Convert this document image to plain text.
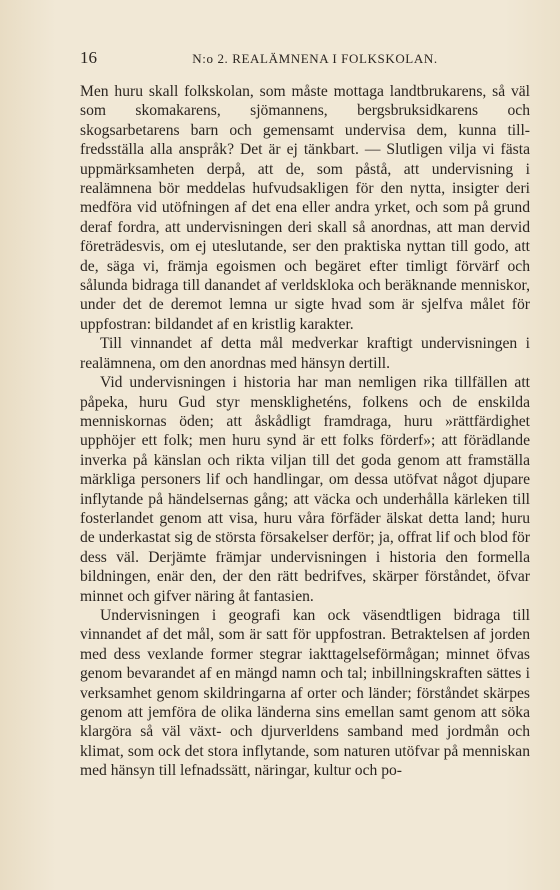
16	N:o 2. REALÄMNENA I FOLKSKOLAN.

Men huru skall folkskolan, som måste mottaga landtbrukarens, så väl som skomakarens, sjömannens, bergsbruksidkarens och skogsarbetarens barn och gemensamt undervisa dem, kunna tillfredsställa alla anspråk? Det är ej tänkbart. — Slutligen vilja vi fästa uppmärksamheten derpå, att de, som påstå, att undervisning i realämnena bör meddelas hufvudsakligen för den nytta, insigter deri medföra vid utöfningen af det ena eller andra yrket, och som på grund deraf fordra, att undervisningen deri skall så anordnas, att man dervid företrädesvis, om ej uteslutande, ser den praktiska nyttan till godo, att de, säga vi, främja egoismen och begäret efter timligt förvärf och sålunda bidraga till danandet af verldskloka och beräknande menniskor, under det de deremot lemna ur sigte hvad som är sjelfva målet för uppfostran: bildandet af en kristlig karakter.

Till vinnandet af detta mål medverkar kraftigt undervisningen i realämnena, om den anordnas med hänsyn dertill.

Vid undervisningen i historia har man nemligen rika tillfällen att påpeka, huru Gud styr menskligheténs, folkens och de enskilda menniskornas öden; att åskådligt framdraga, huru »rättfärdighet upphöjer ett folk; men huru synd är ett folks förderf»; att förädlande inverka på känslan och rikta viljan till det goda genom att framställa märkliga personers lif och handlingar, om dessa utöfvat något djupare inflytande på händelsernas gång; att väcka och underhålla kärleken till fosterlandet genom att visa, huru våra förfäder älskat detta land; huru de underkastat sig de största försakelser derför; ja, offrat lif och blod för dess väl. Derjämte främjar undervisningen i historia den formella bildningen, enär den, der den rätt bedrifves, skärper förståndet, öfvar minnet och gifver näring åt fantasien.

Undervisningen i geografi kan ock väsendtligen bidraga till vinnandet af det mål, som är satt för uppfostran. Betraktelsen af jorden med dess vexlande former stegrar iakttagelseförmågan; minnet öfvas genom bevarandet af en mängd namn och tal; inbillningskraften sättes i verksamhet genom skildringarna af orter och länder; förståndet skärpes genom att jemföra de olika länderna sins emellan samt genom att söka klargöra så väl växt- och djurverldens samband med jordmån och klimat, som ock det stora inflytande, som naturen utöfvar på menniskan med hänsyn till lefnadssätt, näringar, kultur och po-
